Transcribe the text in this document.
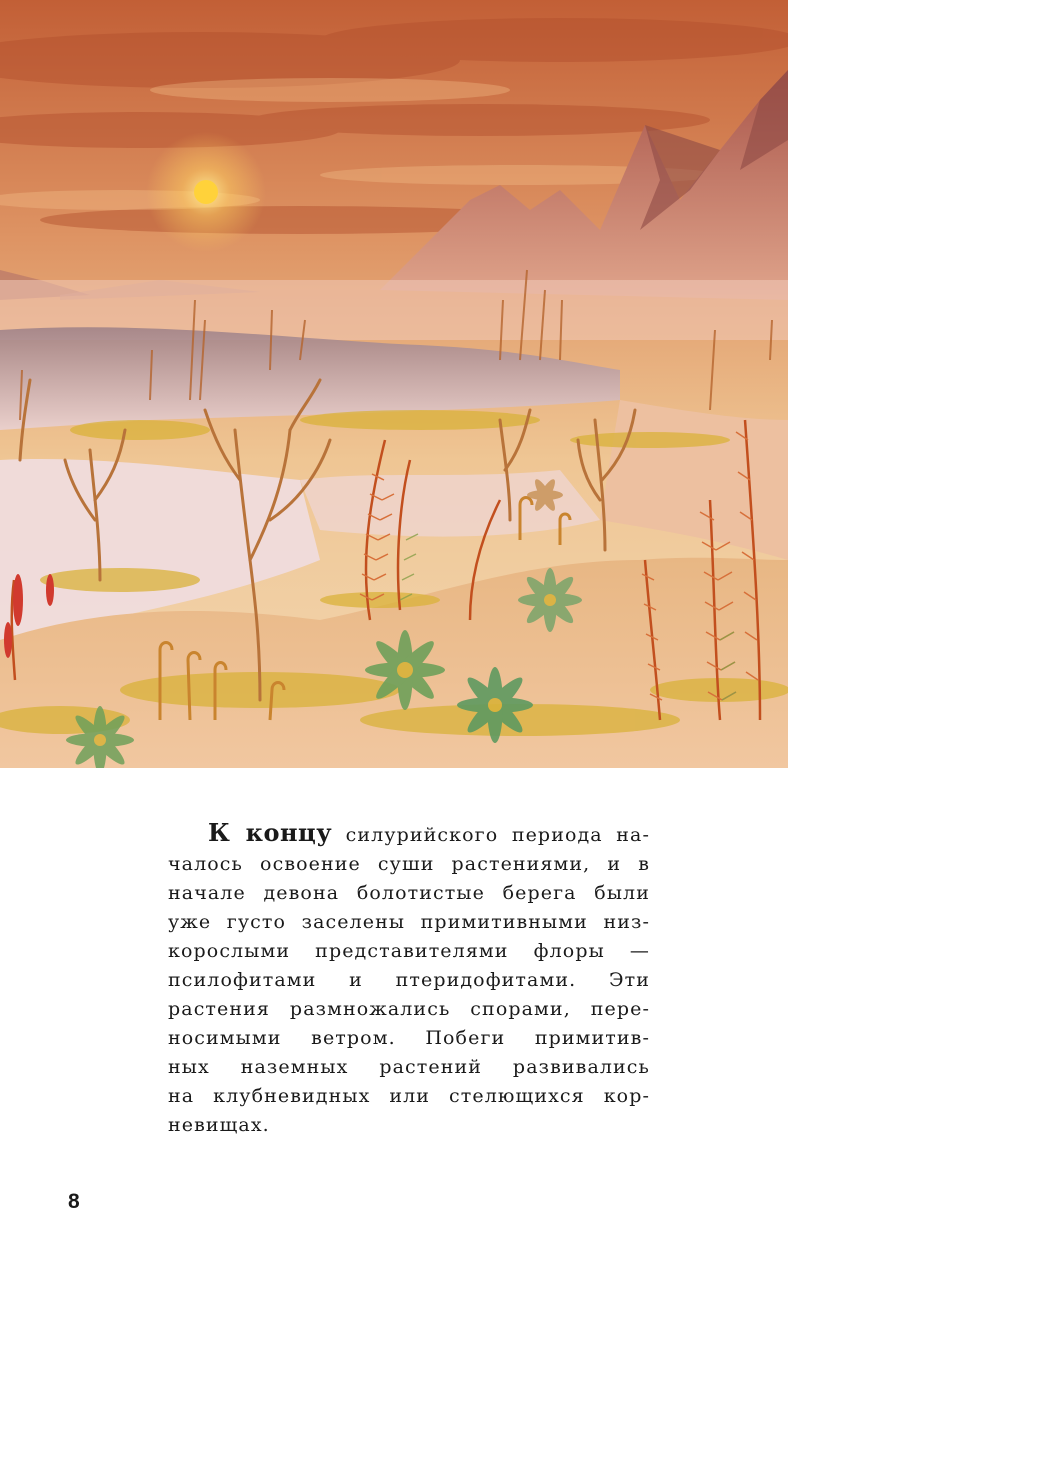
К концу силурийского периода на-
чалось освоение суши растениями, и в
начале девона болотистые берега были
уже густо заселены примитивными низ-
корослыми представителями флоры —
псилофитами и птеридофитами. Эти
растения размножались спорами, пере-
носимыми ветром. Побеги примитив-
ных наземных растений развивались
на клубневидных или стелющихся кор-
невищах.
8
